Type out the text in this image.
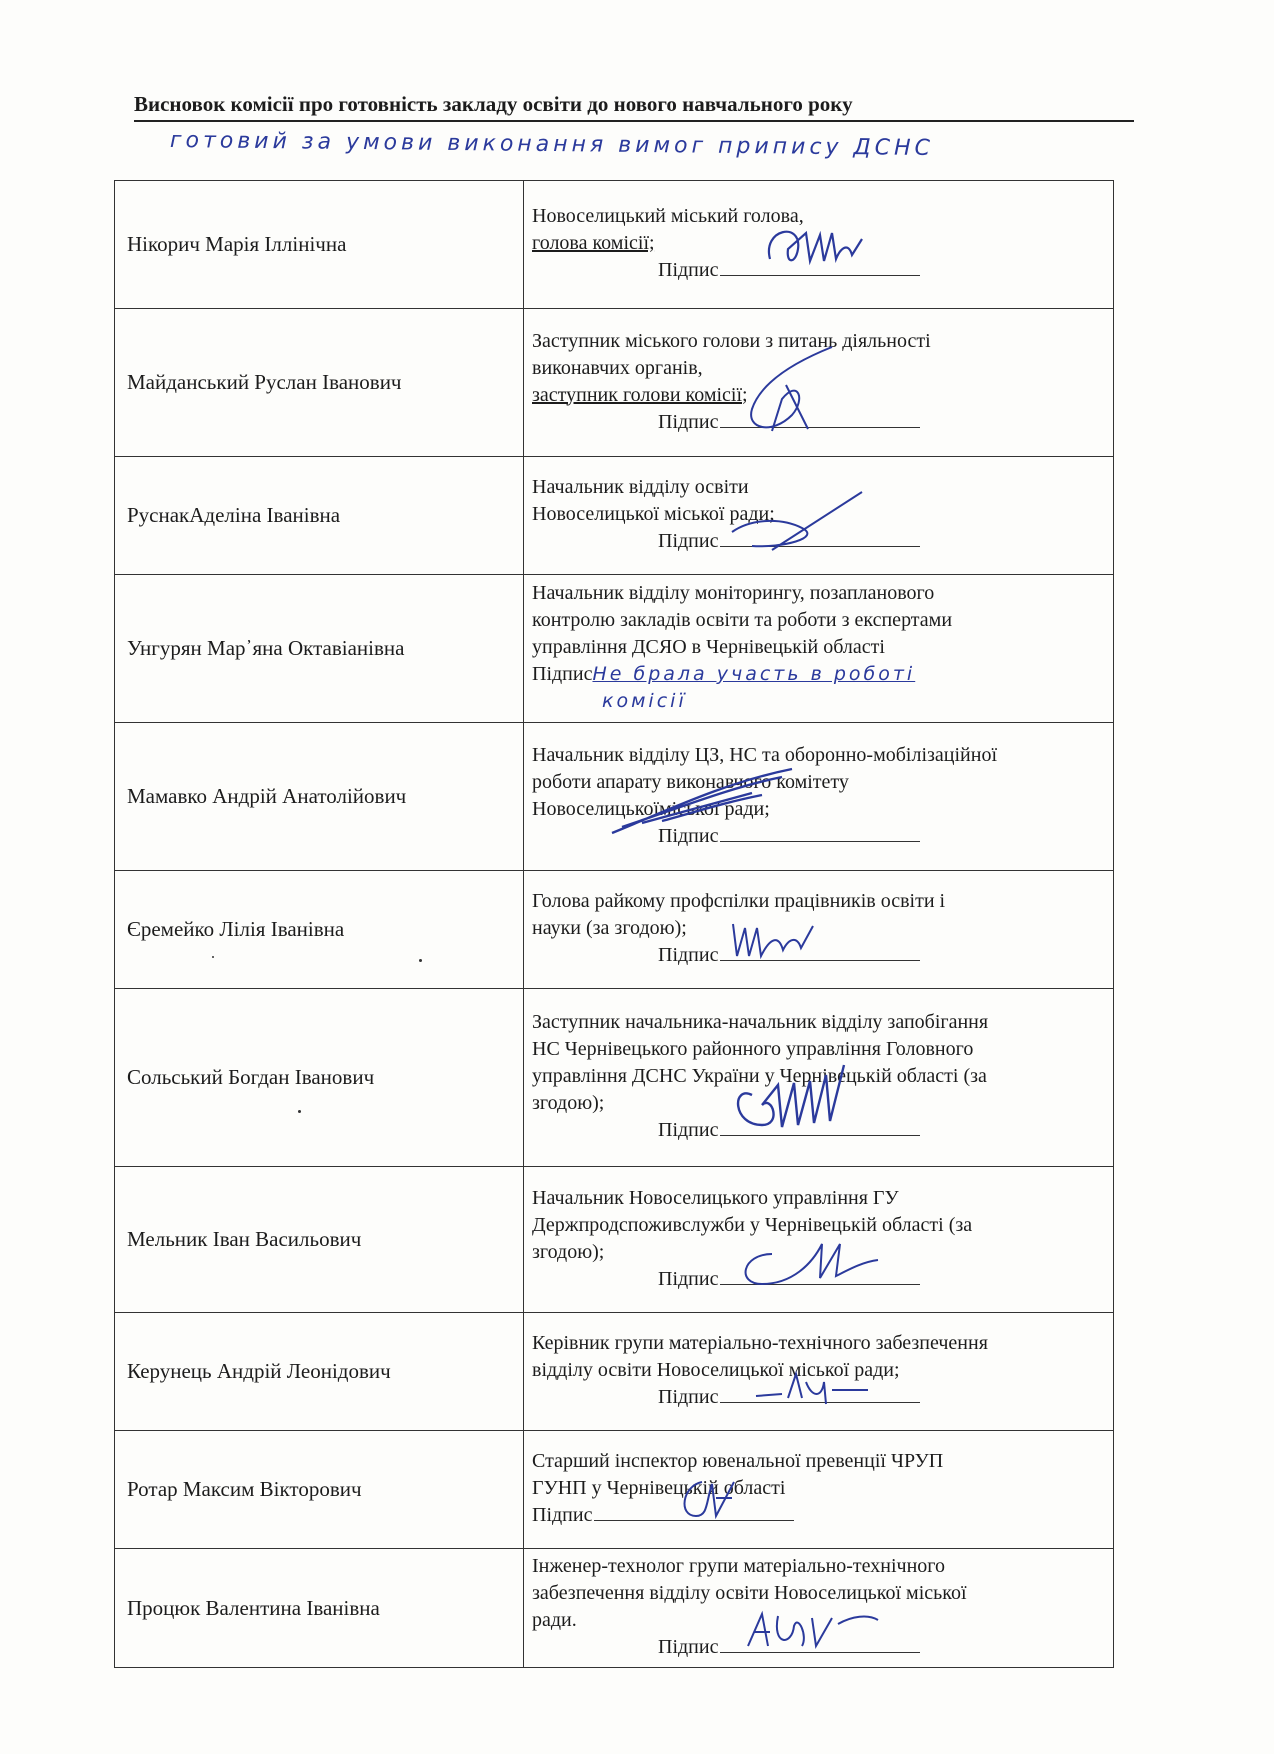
Висновок комісії про готовність закладу освіти до нового навчального року
готовий за умови виконання вимог припису ДСНС
Нікорич Марія Іллінічна	Новоселицький міський голова,
голова комісії;
Підпис

Майданський Руслан Іванович	Заступник міського голови з питань діяльності
виконавчих органів,
заступник голови комісії;
Підпис

РуснакАделіна Іванівна	Начальник відділу освіти
Новоселицької міської ради;
Підпис

Унгурян Мар᾽яна Октавіанівна	Начальник відділу моніторингу, позапланового
контролю закладів освіти та роботи з експертами
управління ДСЯО в Чернівецькій області
ПідписНе брала участь в роботі
комісії

Мамавко Андрій Анатолійович	Начальник відділу ЦЗ, НС та оборонно-мобілізаційної
роботи апарату виконавчого комітету
Новоселицькоїміської ради;
Підпис

Єремейко Лілія Іванівна	Голова райкому профспілки працівників освіти і
науки (за згодою);
Підпис

Сольський Богдан Іванович	Заступник начальника-начальник відділу запобігання
НС Чернівецького районного управління Головного
управління ДСНС України у Чернівецькій області (за
згодою);
Підпис

Мельник Іван Васильович	Начальник Новоселицького управління ГУ
Держпродспоживслужби у Чернівецькій області (за
згодою);
Підпис

Керунець Андрій Леонідович	Керівник групи матеріально-технічного забезпечення
відділу освіти Новоселицької міської ради;
Підпис

Ротар Максим Вікторович	Старший інспектор ювенальної превенції ЧРУП
ГУНП у Чернівецькій області
Підпис

Процюк Валентина Іванівна	Інженер-технолог групи матеріально-технічного
забезпечення відділу освіти Новоселицької міської
ради.
Підпис
